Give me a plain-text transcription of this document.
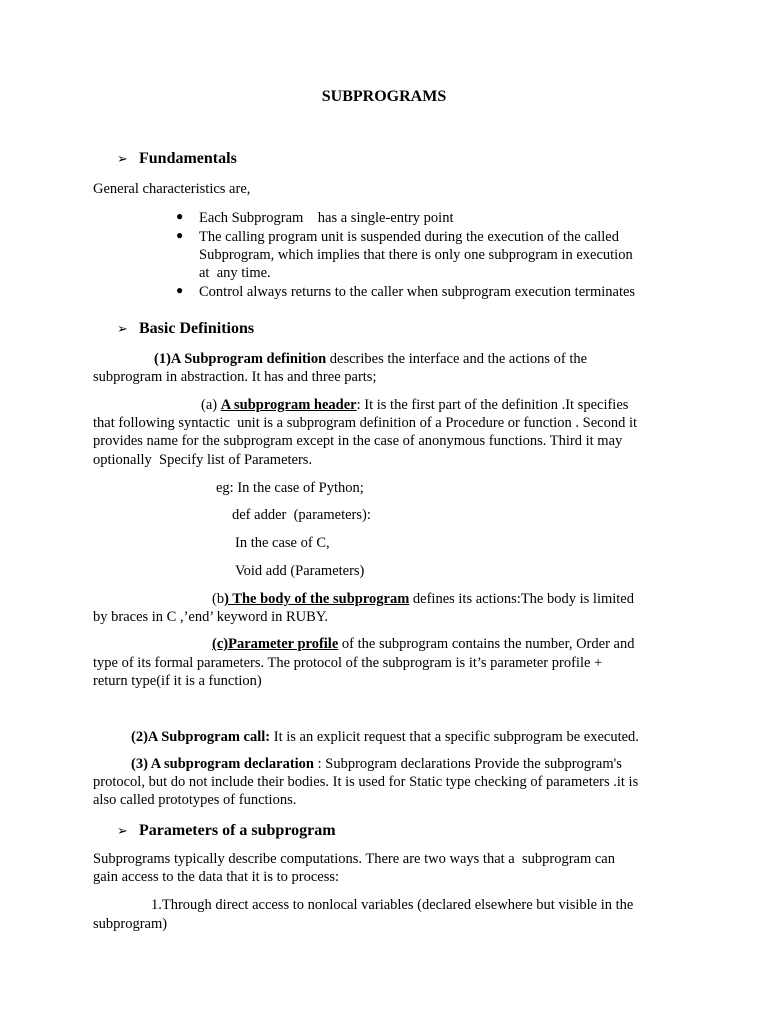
SUBPROGRAMS
➢ Fundamentals
General characteristics are,
● Each Subprogram    has a single-entry point
● The calling program unit is suspended during the execution of the called
Subprogram, which implies that there is only one subprogram in execution
at  any time.
● Control always returns to the caller when subprogram execution terminates
➢ Basic Definitions
(1)A Subprogram definition describes the interface and the actions of the
subprogram in abstraction. It has and three parts;
(a) A subprogram header: It is the first part of the definition .It specifies
that following syntactic  unit is a subprogram definition of a Procedure or function . Second it
provides name for the subprogram except in the case of anonymous functions. Third it may
optionally  Specify list of Parameters.
eg: In the case of Python;
def adder  (parameters):
In the case of C,
Void add (Parameters)
(b) The body of the subprogram defines its actions:The body is limited
by braces in C ,’end’ keyword in RUBY.
(c)Parameter profile of the subprogram contains the number, Order and
type of its formal parameters. The protocol of the subprogram is it’s parameter profile +
return type(if it is a function)
(2)A Subprogram call: It is an explicit request that a specific subprogram be executed.
(3) A subprogram declaration : Subprogram declarations Provide the subprogram's
protocol, but do not include their bodies. It is used for Static type checking of parameters .it is
also called prototypes of functions.
➢ Parameters of a subprogram
Subprograms typically describe computations. There are two ways that a  subprogram can
gain access to the data that it is to process:
1.Through direct access to nonlocal variables (declared elsewhere but visible in the
subprogram)
